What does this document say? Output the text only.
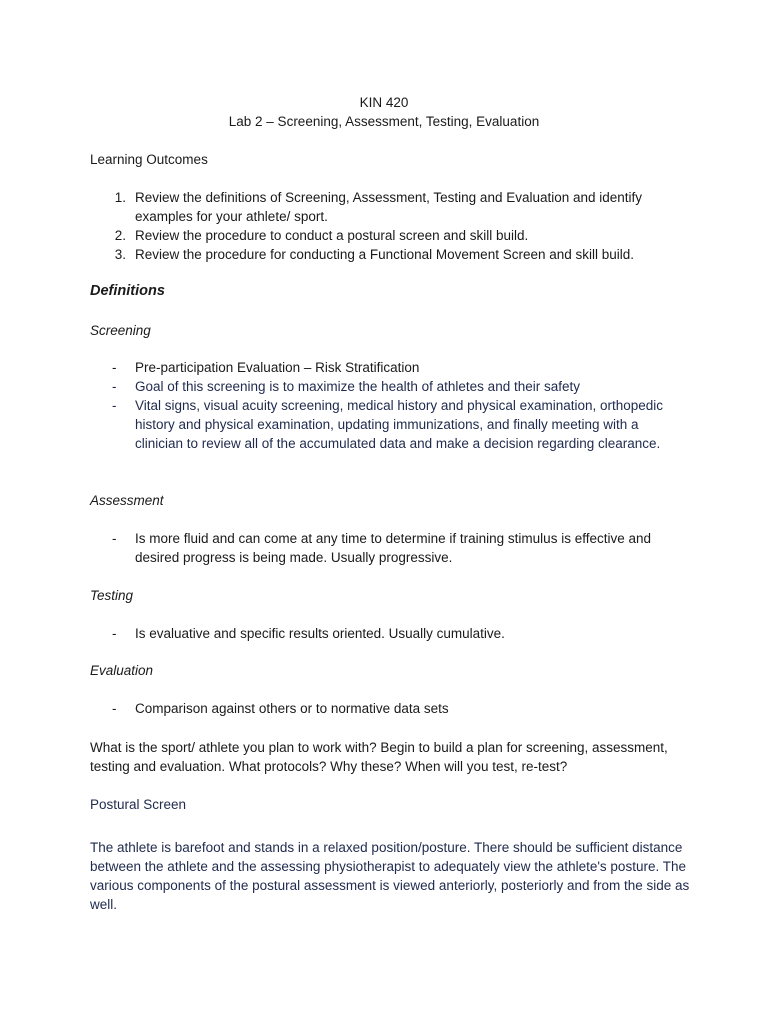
KIN 420
Lab 2 – Screening, Assessment, Testing, Evaluation
Learning Outcomes
1. Review the definitions of Screening, Assessment, Testing and Evaluation and identify examples for your athlete/ sport.
2. Review the procedure to conduct a postural screen and skill build.
3. Review the procedure for conducting a Functional Movement Screen and skill build.
Definitions
Screening
- Pre-participation Evaluation – Risk Stratification
- Goal of this screening is to maximize the health of athletes and their safety
- Vital signs, visual acuity screening, medical history and physical examination, orthopedic history and physical examination, updating immunizations, and finally meeting with a clinician to review all of the accumulated data and make a decision regarding clearance.
Assessment
- Is more fluid and can come at any time to determine if training stimulus is effective and desired progress is being made. Usually progressive.
Testing
- Is evaluative and specific results oriented. Usually cumulative.
Evaluation
- Comparison against others or to normative data sets

What is the sport/ athlete you plan to work with? Begin to build a plan for screening, assessment, testing and evaluation. What protocols? Why these? When will you test, re-test?

Postural Screen

The athlete is barefoot and stands in a relaxed position/posture. There should be sufficient distance between the athlete and the assessing physiotherapist to adequately view the athlete's posture. The various components of the postural assessment is viewed anteriorly, posteriorly and from the side as well.
